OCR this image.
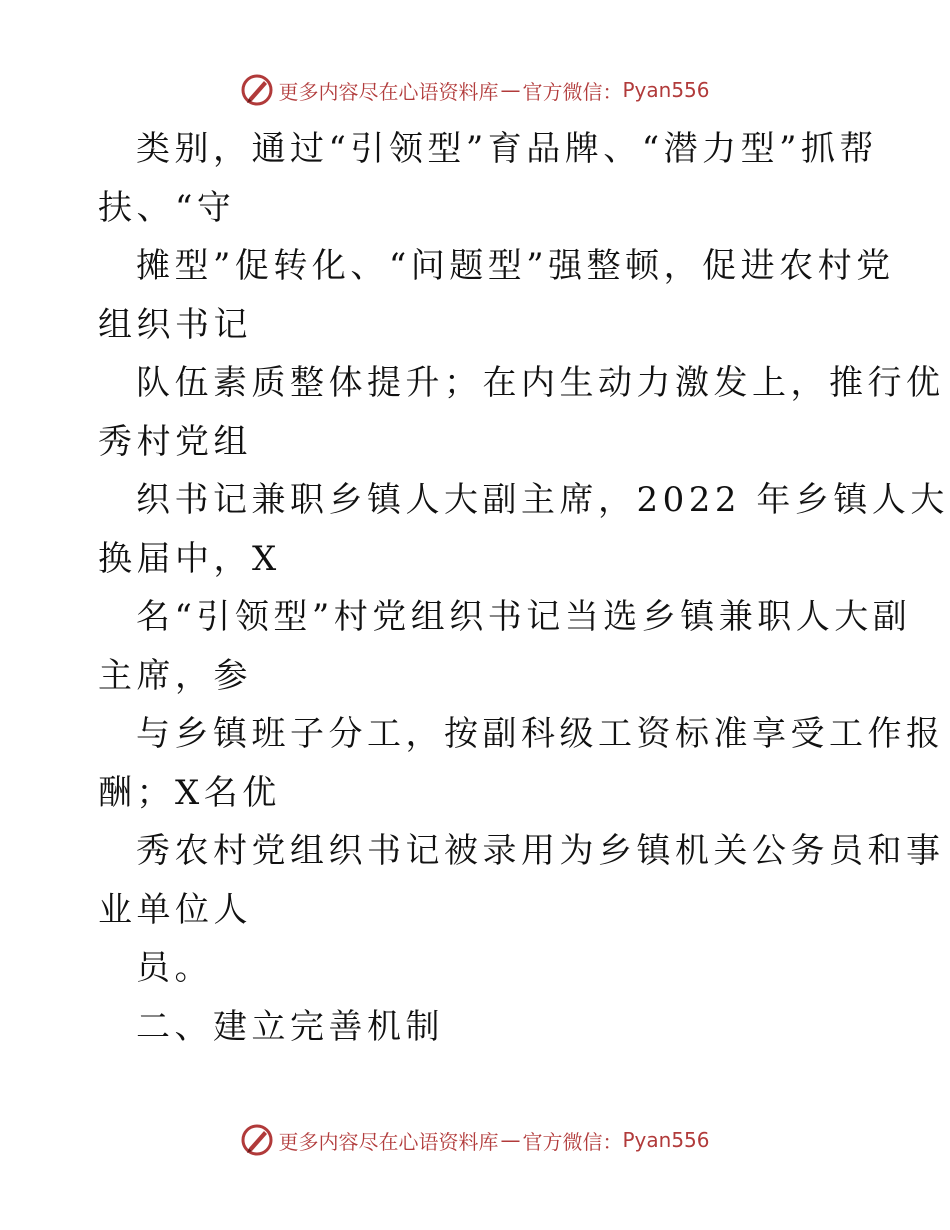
更多内容尽在心语资料库 — 官方微信： Pyan556
类别，通过“引领型”育品牌、“潜力型”抓帮
扶、“守
摊型”促转化、“问题型”强整顿，促进农村党
组织书记
队伍素质整体提升；在内生动力激发上，推行优
秀村党组
织书记兼职乡镇人大副主席，2022 年乡镇人大
换届中，X
名“引领型”村党组织书记当选乡镇兼职人大副
主席，参
与乡镇班子分工，按副科级工资标准享受工作报
酬；X名优
秀农村党组织书记被录用为乡镇机关公务员和事
业单位人
员。
二、建立完善机制
更多内容尽在心语资料库 — 官方微信： Pyan556
